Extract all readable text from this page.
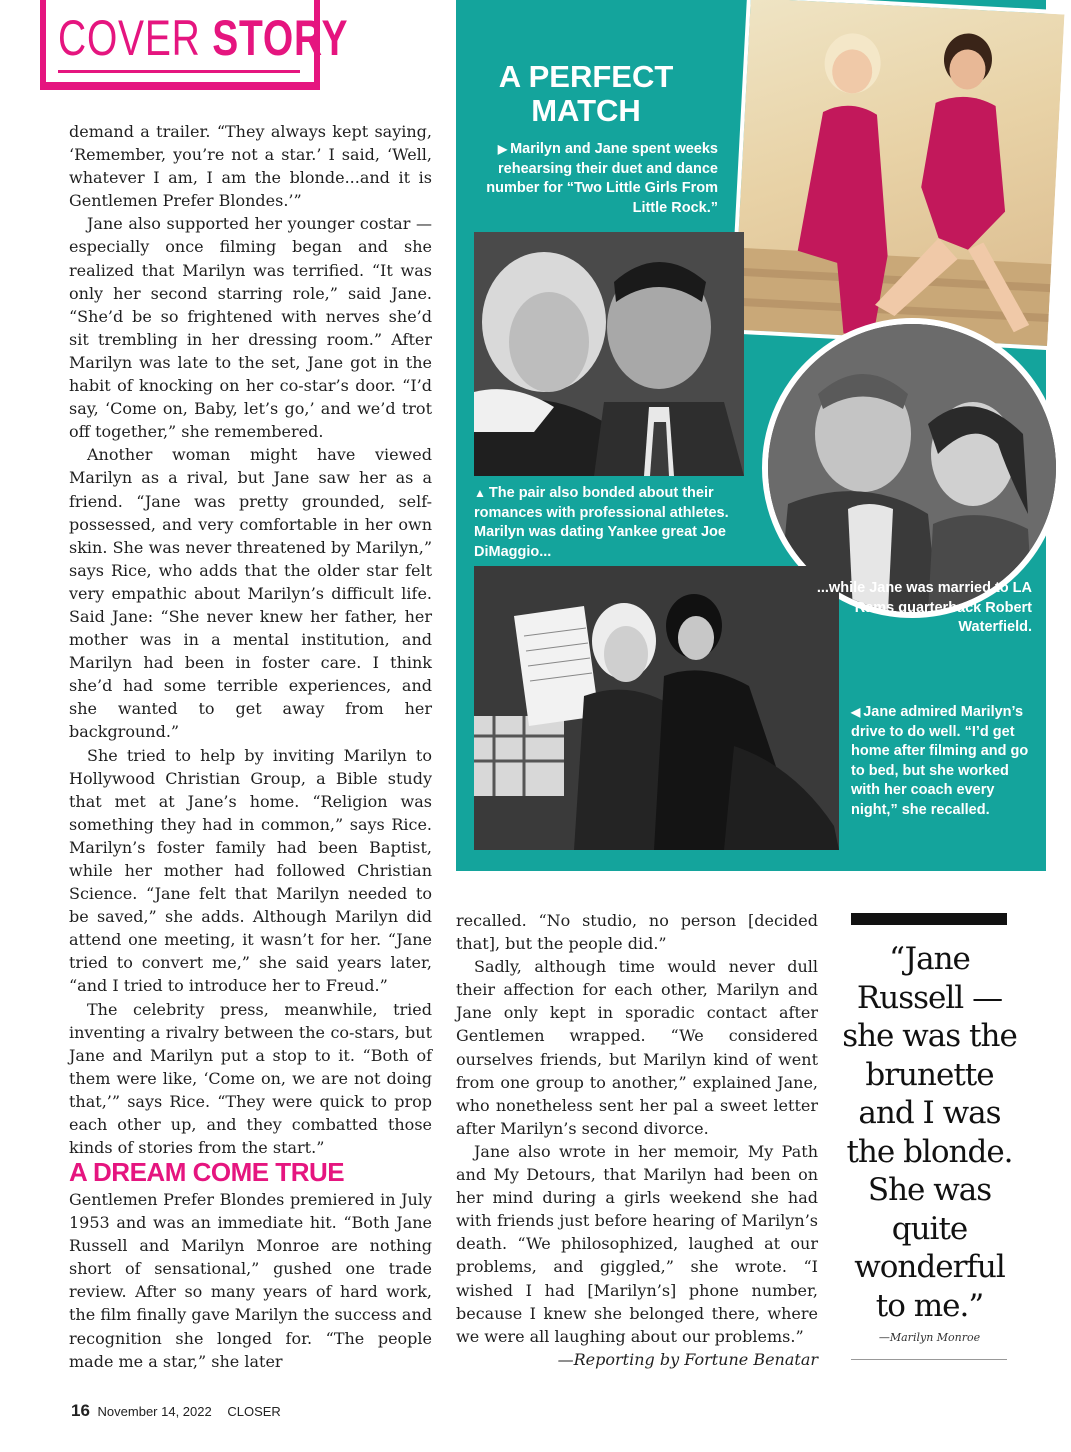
COVER STORY
A PERFECT
MATCH
▶ Marilyn and Jane spent weeks rehearsing their duet and dance number for “Two Little Girls From Little Rock.”
▲ The pair also bonded about their romances with professional athletes. Marilyn was dating Yankee great Joe DiMaggio...
...while Jane was married to LA Rams quarterback Robert Waterfield.
◀ Jane admired Marilyn’s drive to do well. “I’d get home after filming and go to bed, but she worked with her coach every night,” she recalled.

demand a trailer. “They always kept saying, ‘Remember, you’re not a star.’ I said, ‘Well, whatever I am, I am the blonde...and it is Gentlemen Prefer Blondes.’”

Jane also supported her younger costar — especially once filming began and she realized that Marilyn was terrified. “It was only her second starring role,” said Jane. “She’d be so frightened with nerves she’d sit trembling in her dressing room.” After Marilyn was late to the set, Jane got in the habit of knocking on her co-star’s door. “I’d say, ‘Come on, Baby, let’s go,’ and we’d trot off together,” she remembered.

Another woman might have viewed Marilyn as a rival, but Jane saw her as a friend. “Jane was pretty grounded, self-possessed, and very comfortable in her own skin. She was never threatened by Marilyn,” says Rice, who adds that the older star felt very empathic about Marilyn’s difficult life. Said Jane: “She never knew her father, her mother was in a mental institution, and Marilyn had been in foster care. I think she’d had some terrible experiences, and she wanted to get away from her background.”

She tried to help by inviting Marilyn to Hollywood Christian Group, a Bible study that met at Jane’s home. “Religion was something they had in common,” says Rice. Marilyn’s foster family had been Baptist, while her mother had followed Christian Science. “Jane felt that Marilyn needed to be saved,” she adds. Although Marilyn did attend one meeting, it wasn’t for her. “Jane tried to convert me,” she said years later, “and I tried to introduce her to Freud.”

The celebrity press, meanwhile, tried inventing a rivalry between the co-stars, but Jane and Marilyn put a stop to it. “Both of them were like, ‘Come on, we are not doing that,’” says Rice. “They were quick to prop each other up, and they combatted those kinds of stories from the start.”

A DREAM COME TRUE

Gentlemen Prefer Blondes premiered in July 1953 and was an immediate hit. “Both Jane Russell and Marilyn Monroe are nothing short of sensational,” gushed one trade review. After so many years of hard work, the film finally gave Marilyn the success and recognition she longed for. “The people made me a star,” she later

recalled. “No studio, no person [decided that], but the people did.”

Sadly, although time would never dull their affection for each other, Marilyn and Jane only kept in sporadic contact after Gentlemen wrapped. “We considered ourselves friends, but Marilyn kind of went from one group to another,” explained Jane, who nonetheless sent her pal a sweet letter after Marilyn’s second divorce.

Jane also wrote in her memoir, My Path and My Detours, that Marilyn had been on her mind during a girls weekend she had with friends just before hearing of Marilyn’s death. “We philosophized, laughed at our problems, and giggled,” she wrote. “I wished I had [Marilyn’s] phone number, because I knew she belonged there, where we were all laughing about our problems.”

—Reporting by Fortune Benatar

“Jane Russell — she was the brunette and I was the blonde. She was quite wonderful to me.”
—Marilyn Monroe
16 November 14, 2022 CLOSER
